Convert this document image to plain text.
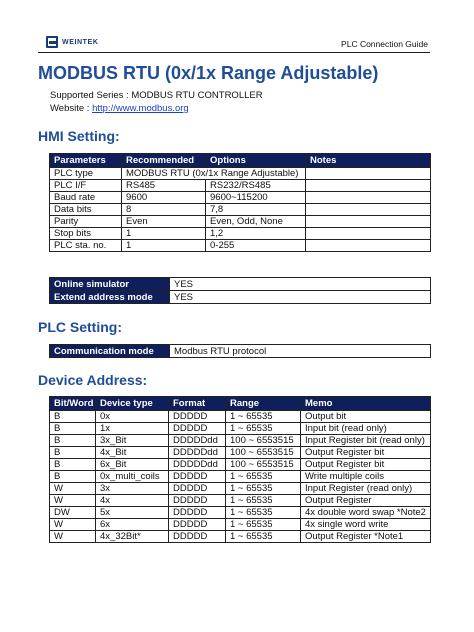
WEINTEK	PLC Connection Guide
MODBUS RTU (0x/1x Range Adjustable)
Supported Series : MODBUS RTU CONTROLLER
Website : http://www.modbus.org
HMI Setting:
Parameters	Recommended	Options	Notes
PLC type	MODBUS RTU (0x/1x Range Adjustable)		
PLC I/F	RS485	RS232/RS485	
Baud rate	9600	9600~115200	
Data bits	8	7,8	
Parity	Even	Even, Odd, None	
Stop bits	1	1,2	
PLC sta. no.	1	0-255	
Online simulator	YES
Extend address mode	YES
PLC Setting:
Communication mode	Modbus RTU protocol
Device Address:
Bit/Word	Device type	Format	Range	Memo
B	0x	DDDDD	1 ~ 65535	Output bit
B	1x	DDDDD	1 ~ 65535	Input bit (read only)
B	3x_Bit	DDDDDdd	100 ~ 6553515	Input Register bit (read only)
B	4x_Bit	DDDDDdd	100 ~ 6553515	Output Register bit
B	6x_Bit	DDDDDdd	100 ~ 6553515	Output Register bit
B	0x_multi_coils	DDDDD	1 ~ 65535	Write multiple coils
W	3x	DDDDD	1 ~ 65535	Input Register (read only)
W	4x	DDDDD	1 ~ 65535	Output Register
DW	5x	DDDDD	1 ~ 65535	4x double word swap *Note2
W	6x	DDDDD	1 ~ 65535	4x single word write
W	4x_32Bit*	DDDDD	1 ~ 65535	Output Register *Note1
